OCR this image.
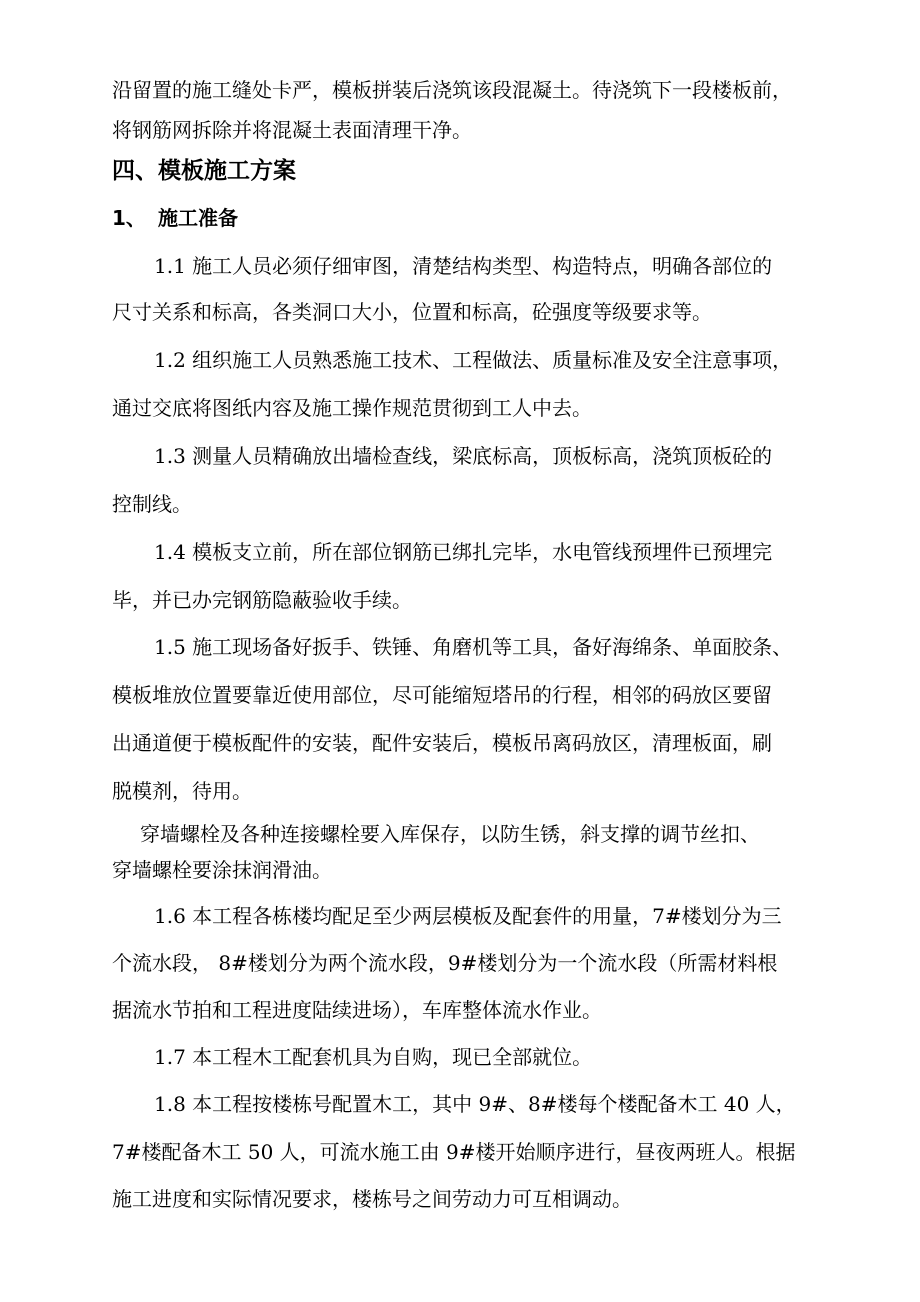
沿留置的施工缝处卡严，模板拼装后浇筑该段混凝土。待浇筑下一段楼板前，
将钢筋网拆除并将混凝土表面清理干净。
四、模板施工方案
1、 施工准备
1.1 施工人员必须仔细审图，清楚结构类型、构造特点，明确各部位的
尺寸关系和标高，各类洞口大小，位置和标高，砼强度等级要求等。
1.2 组织施工人员熟悉施工技术、工程做法、质量标准及安全注意事项，
通过交底将图纸内容及施工操作规范贯彻到工人中去。
1.3 测量人员精确放出墙检查线，梁底标高，顶板标高，浇筑顶板砼的
控制线。
1.4 模板支立前，所在部位钢筋已绑扎完毕，水电管线预埋件已预埋完
毕，并已办完钢筋隐蔽验收手续。
1.5 施工现场备好扳手、铁锤、角磨机等工具，备好海绵条、单面胶条、
模板堆放位置要靠近使用部位，尽可能缩短塔吊的行程，相邻的码放区要留
出通道便于模板配件的安装，配件安装后，模板吊离码放区，清理板面，刷
脱模剂，待用。
穿墙螺栓及各种连接螺栓要入库保存，以防生锈，斜支撑的调节丝扣、
穿墙螺栓要涂抹润滑油。
1.6 本工程各栋楼均配足至少两层模板及配套件的用量，7#楼划分为三
个流水段， 8#楼划分为两个流水段，9#楼划分为一个流水段（所需材料根
据流水节拍和工程进度陆续进场），车库整体流水作业。
1.7 本工程木工配套机具为自购，现已全部就位。
1.8 本工程按楼栋号配置木工，其中 9#、8#楼每个楼配备木工 40 人，
7#楼配备木工 50 人，可流水施工由 9#楼开始顺序进行，昼夜两班人。根据
施工进度和实际情况要求，楼栋号之间劳动力可互相调动。
